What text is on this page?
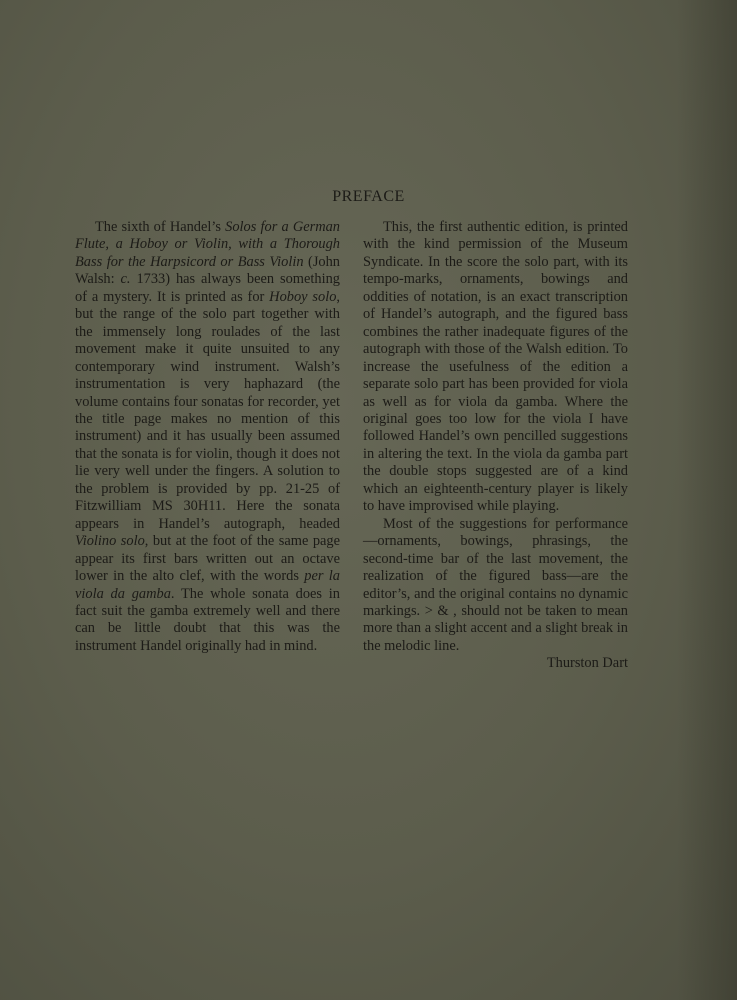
PREFACE

The sixth of Handel’s Solos for a German Flute, a Hoboy or Violin, with a Thorough Bass for the Harpsicord or Bass Violin (John Walsh: c. 1733) has always been something of a mystery. It is printed as for Hoboy solo, but the range of the solo part together with the immensely long roulades of the last movement make it quite unsuited to any contemporary wind instrument. Walsh’s instrumentation is very haphazard (the volume contains four sonatas for recorder, yet the title page makes no mention of this instrument) and it has usually been assumed that the sonata is for violin, though it does not lie very well under the fingers. A solution to the problem is provided by pp. 21-25 of Fitzwilliam MS 30H11. Here the sonata appears in Handel’s autograph, headed Violino solo, but at the foot of the same page appear its first bars written out an octave lower in the alto clef, with the words per la viola da gamba. The whole sonata does in fact suit the gamba extremely well and there can be little doubt that this was the instrument Handel originally had in mind.

This, the first authentic edition, is printed with the kind permission of the Museum Syndicate. In the score the solo part, with its tempo-marks, ornaments, bowings and oddities of notation, is an exact transcription of Handel’s autograph, and the figured bass combines the rather inadequate figures of the autograph with those of the Walsh edition. To increase the usefulness of the edition a separate solo part has been provided for viola as well as for viola da gamba. Where the original goes too low for the viola I have followed Handel’s own pencilled suggestions in altering the text. In the viola da gamba part the double stops suggested are of a kind which an eighteenth-century player is likely to have improvised while playing.

Most of the suggestions for performance—ornaments, bowings, phrasings, the second-time bar of the last movement, the realization of the figured bass—are the editor’s, and the original contains no dynamic markings. > & , should not be taken to mean more than a slight accent and a slight break in the melodic line.

Thurston Dart
